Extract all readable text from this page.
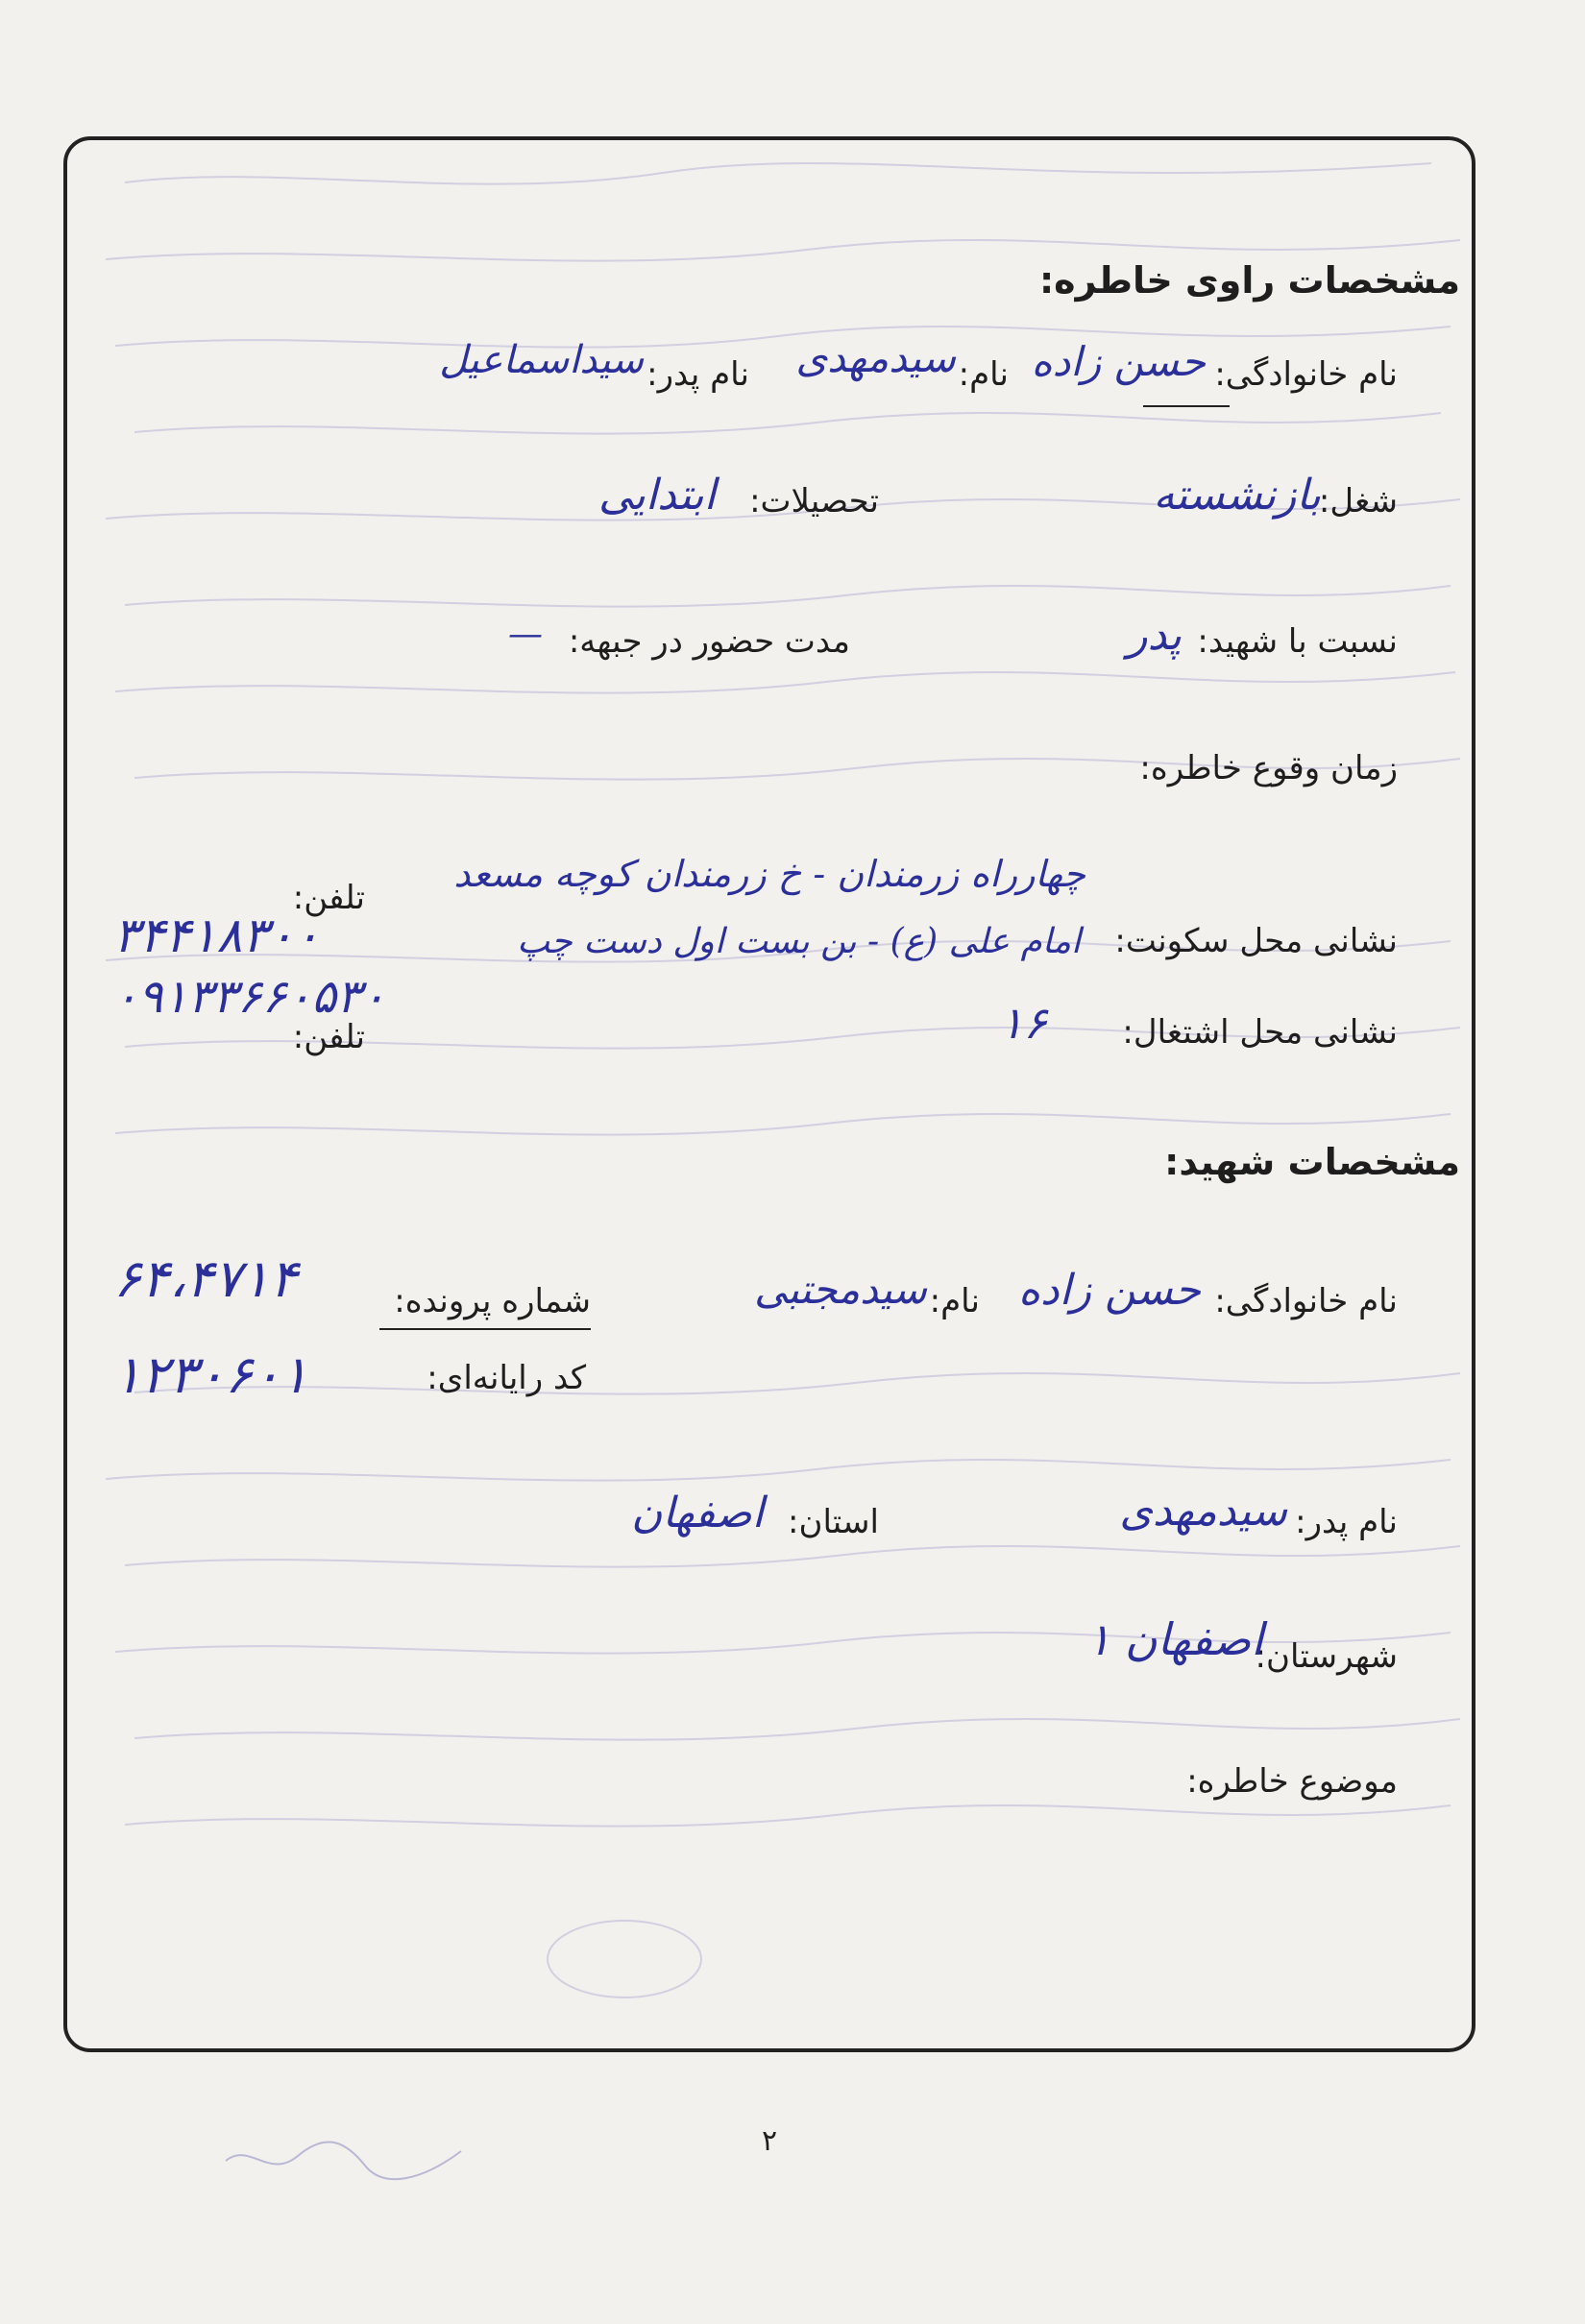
مشخصات راوی خاطره:
نام خانوادگی:
حسن زاده
نام:
سیدمهدی
نام پدر:
سیداسماعیل
شغل:
بازنشسته
تحصیلات:
ابتدایی
نسبت با شهید:
پدر
مدت حضور در جبهه:
—
زمان وقوع خاطره:
نشانی محل سکونت:
چهارراه زرمندان - خ زرمندان کوچه مسعد
امام علی (ع) - بن بست اول دست چپ
تلفن:
۳۴۴۱۸۳۰۰
نشانی محل اشتغال:
۱۶
تلفن:
۰۹۱۳۳۶۶۰۵۳۰
مشخصات شهید:
نام خانوادگی:
حسن زاده
نام:
سیدمجتبی
شماره پرونده:
۶۴،۴۷۱۴
کد رایانه‌ای:
۱۲۳۰۶۰۱
نام پدر:
سیدمهدی
استان:
اصفهان
شهرستان:
اصفهان ۱
موضوع خاطره:
۲
